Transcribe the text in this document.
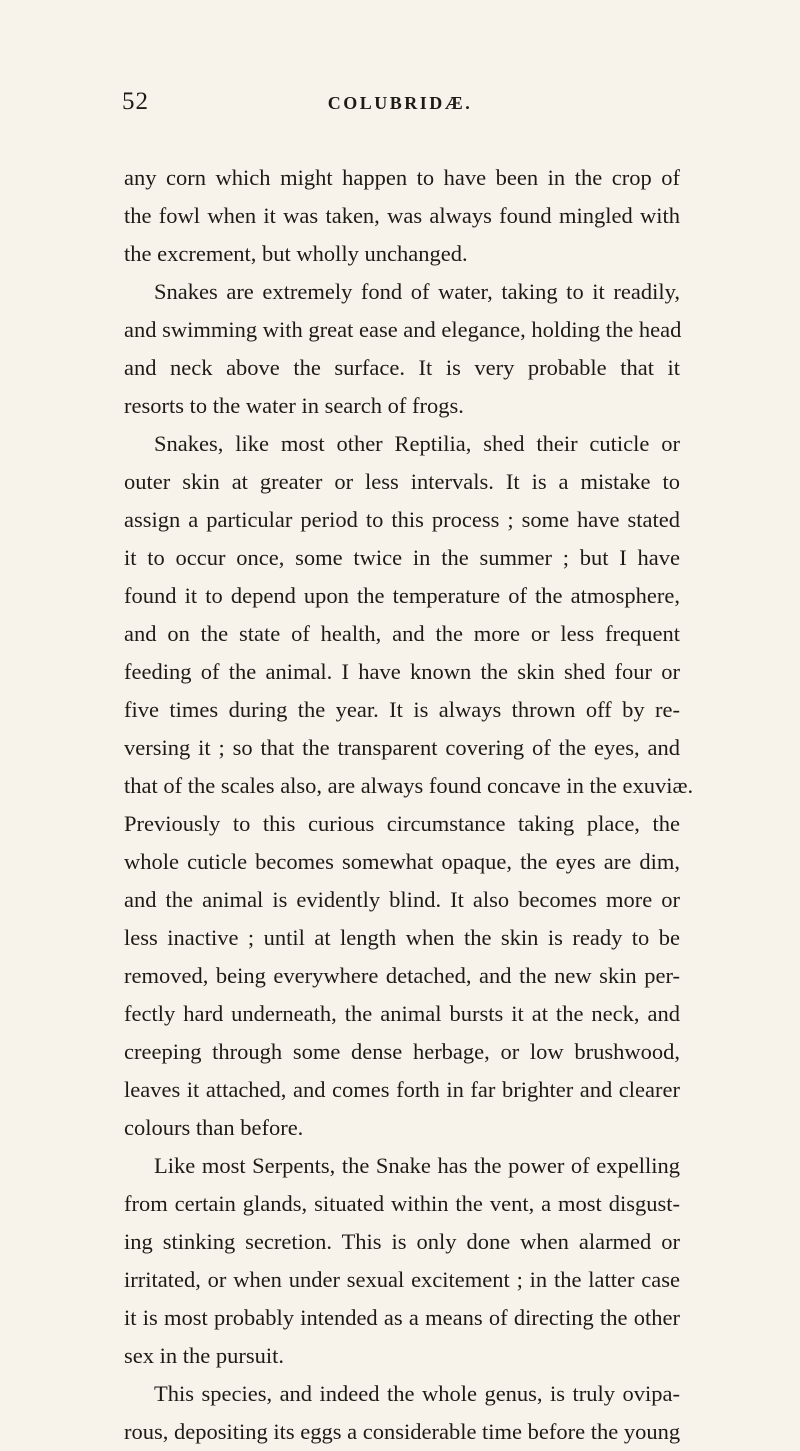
52	COLUBRIDÆ.
any corn which might happen to have been in the crop of
the fowl when it was taken, was always found mingled with
the excrement, but wholly unchanged.
Snakes are extremely fond of water, taking to it readily,
and swimming with great ease and elegance, holding the head
and neck above the surface. It is very probable that it
resorts to the water in search of frogs.
Snakes, like most other Reptilia, shed their cuticle or
outer skin at greater or less intervals. It is a mistake to
assign a particular period to this process ; some have stated
it to occur once, some twice in the summer ; but I have
found it to depend upon the temperature of the atmosphere,
and on the state of health, and the more or less frequent
feeding of the animal. I have known the skin shed four or
five times during the year. It is always thrown off by re-
versing it ; so that the transparent covering of the eyes, and
that of the scales also, are always found concave in the exuviæ.
Previously to this curious circumstance taking place, the
whole cuticle becomes somewhat opaque, the eyes are dim,
and the animal is evidently blind. It also becomes more or
less inactive ; until at length when the skin is ready to be
removed, being everywhere detached, and the new skin per-
fectly hard underneath, the animal bursts it at the neck, and
creeping through some dense herbage, or low brushwood,
leaves it attached, and comes forth in far brighter and clearer
colours than before.
Like most Serpents, the Snake has the power of expelling
from certain glands, situated within the vent, a most disgust-
ing stinking secretion. This is only done when alarmed or
irritated, or when under sexual excitement ; in the latter case
it is most probably intended as a means of directing the other
sex in the pursuit.
This species, and indeed the whole genus, is truly ovipa-
rous, depositing its eggs a considerable time before the young
